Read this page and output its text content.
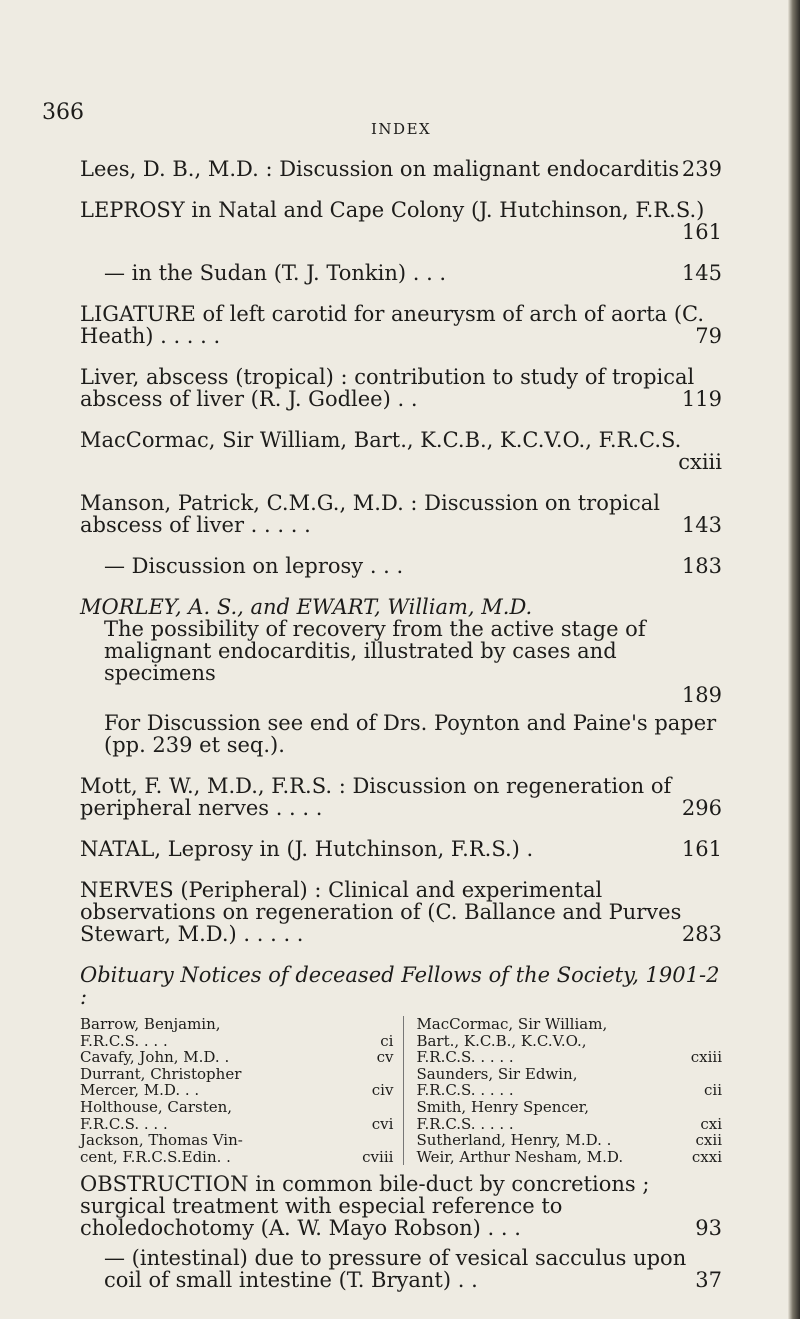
366
INDEX
Lees, D. B., M.D. : Discussion on malignant endocarditis 239
LEPROSY in Natal and Cape Colony (J. Hutchinson, F.R.S.)

161
— in the Sudan (T. J. Tonkin) . . .	145
LIGATURE of left carotid for aneurysm of arch of aorta (C. Heath) . . . . .	79
Liver, abscess (tropical) : contribution to study of tropical abscess of liver (R. J. Godlee) . .	119
MacCormac, Sir William, Bart., K.C.B., K.C.V.O., F.R.C.S.

cxiii
Manson, Patrick, C.M.G., M.D. : Discussion on tropical abscess of liver . . . . .	143
— Discussion on leprosy . . .	183
MORLEY, A. S., and EWART, William, M.D.
The possibility of recovery from the active stage of malignant endocarditis, illustrated by cases and specimens

189
For Discussion see end of Drs. Poynton and Paine's paper (pp. 239 et seq.).
Mott, F. W., M.D., F.R.S. : Discussion on regeneration of peripheral nerves . . . .	296
NATAL, Leprosy in (J. Hutchinson, F.R.S.) .	161
NERVES (Peripheral) : Clinical and experimental observations on regeneration of (C. Ballance and Purves Stewart, M.D.) . . . . .	283
Obituary Notices of deceased Fellows of the Society, 1901-2 :
Barrow, Benjamin,
F.R.C.S. . . .	ci
Cavafy, John, M.D. .	cv
Durrant, Christopher
Mercer, M.D. . .	civ
Holthouse, Carsten,
F.R.C.S. . . .	cvi
Jackson, Thomas Vin-
cent, F.R.C.S.Edin. .	cviii
MacCormac, Sir William,
Bart., K.C.B., K.C.V.O.,
F.R.C.S. . . . .	cxiii
Saunders, Sir Edwin,
F.R.C.S. . . . .	cii
Smith, Henry Spencer,
F.R.C.S. . . . .	cxi
Sutherland, Henry, M.D. .	cxii
Weir, Arthur Nesham, M.D.	cxxi
OBSTRUCTION in common bile-duct by concretions ; surgical treatment with especial reference to choledochotomy (A. W. Mayo Robson) . . .	93
— (intestinal) due to pressure of vesical sacculus upon coil of small intestine (T. Bryant) . .	37
